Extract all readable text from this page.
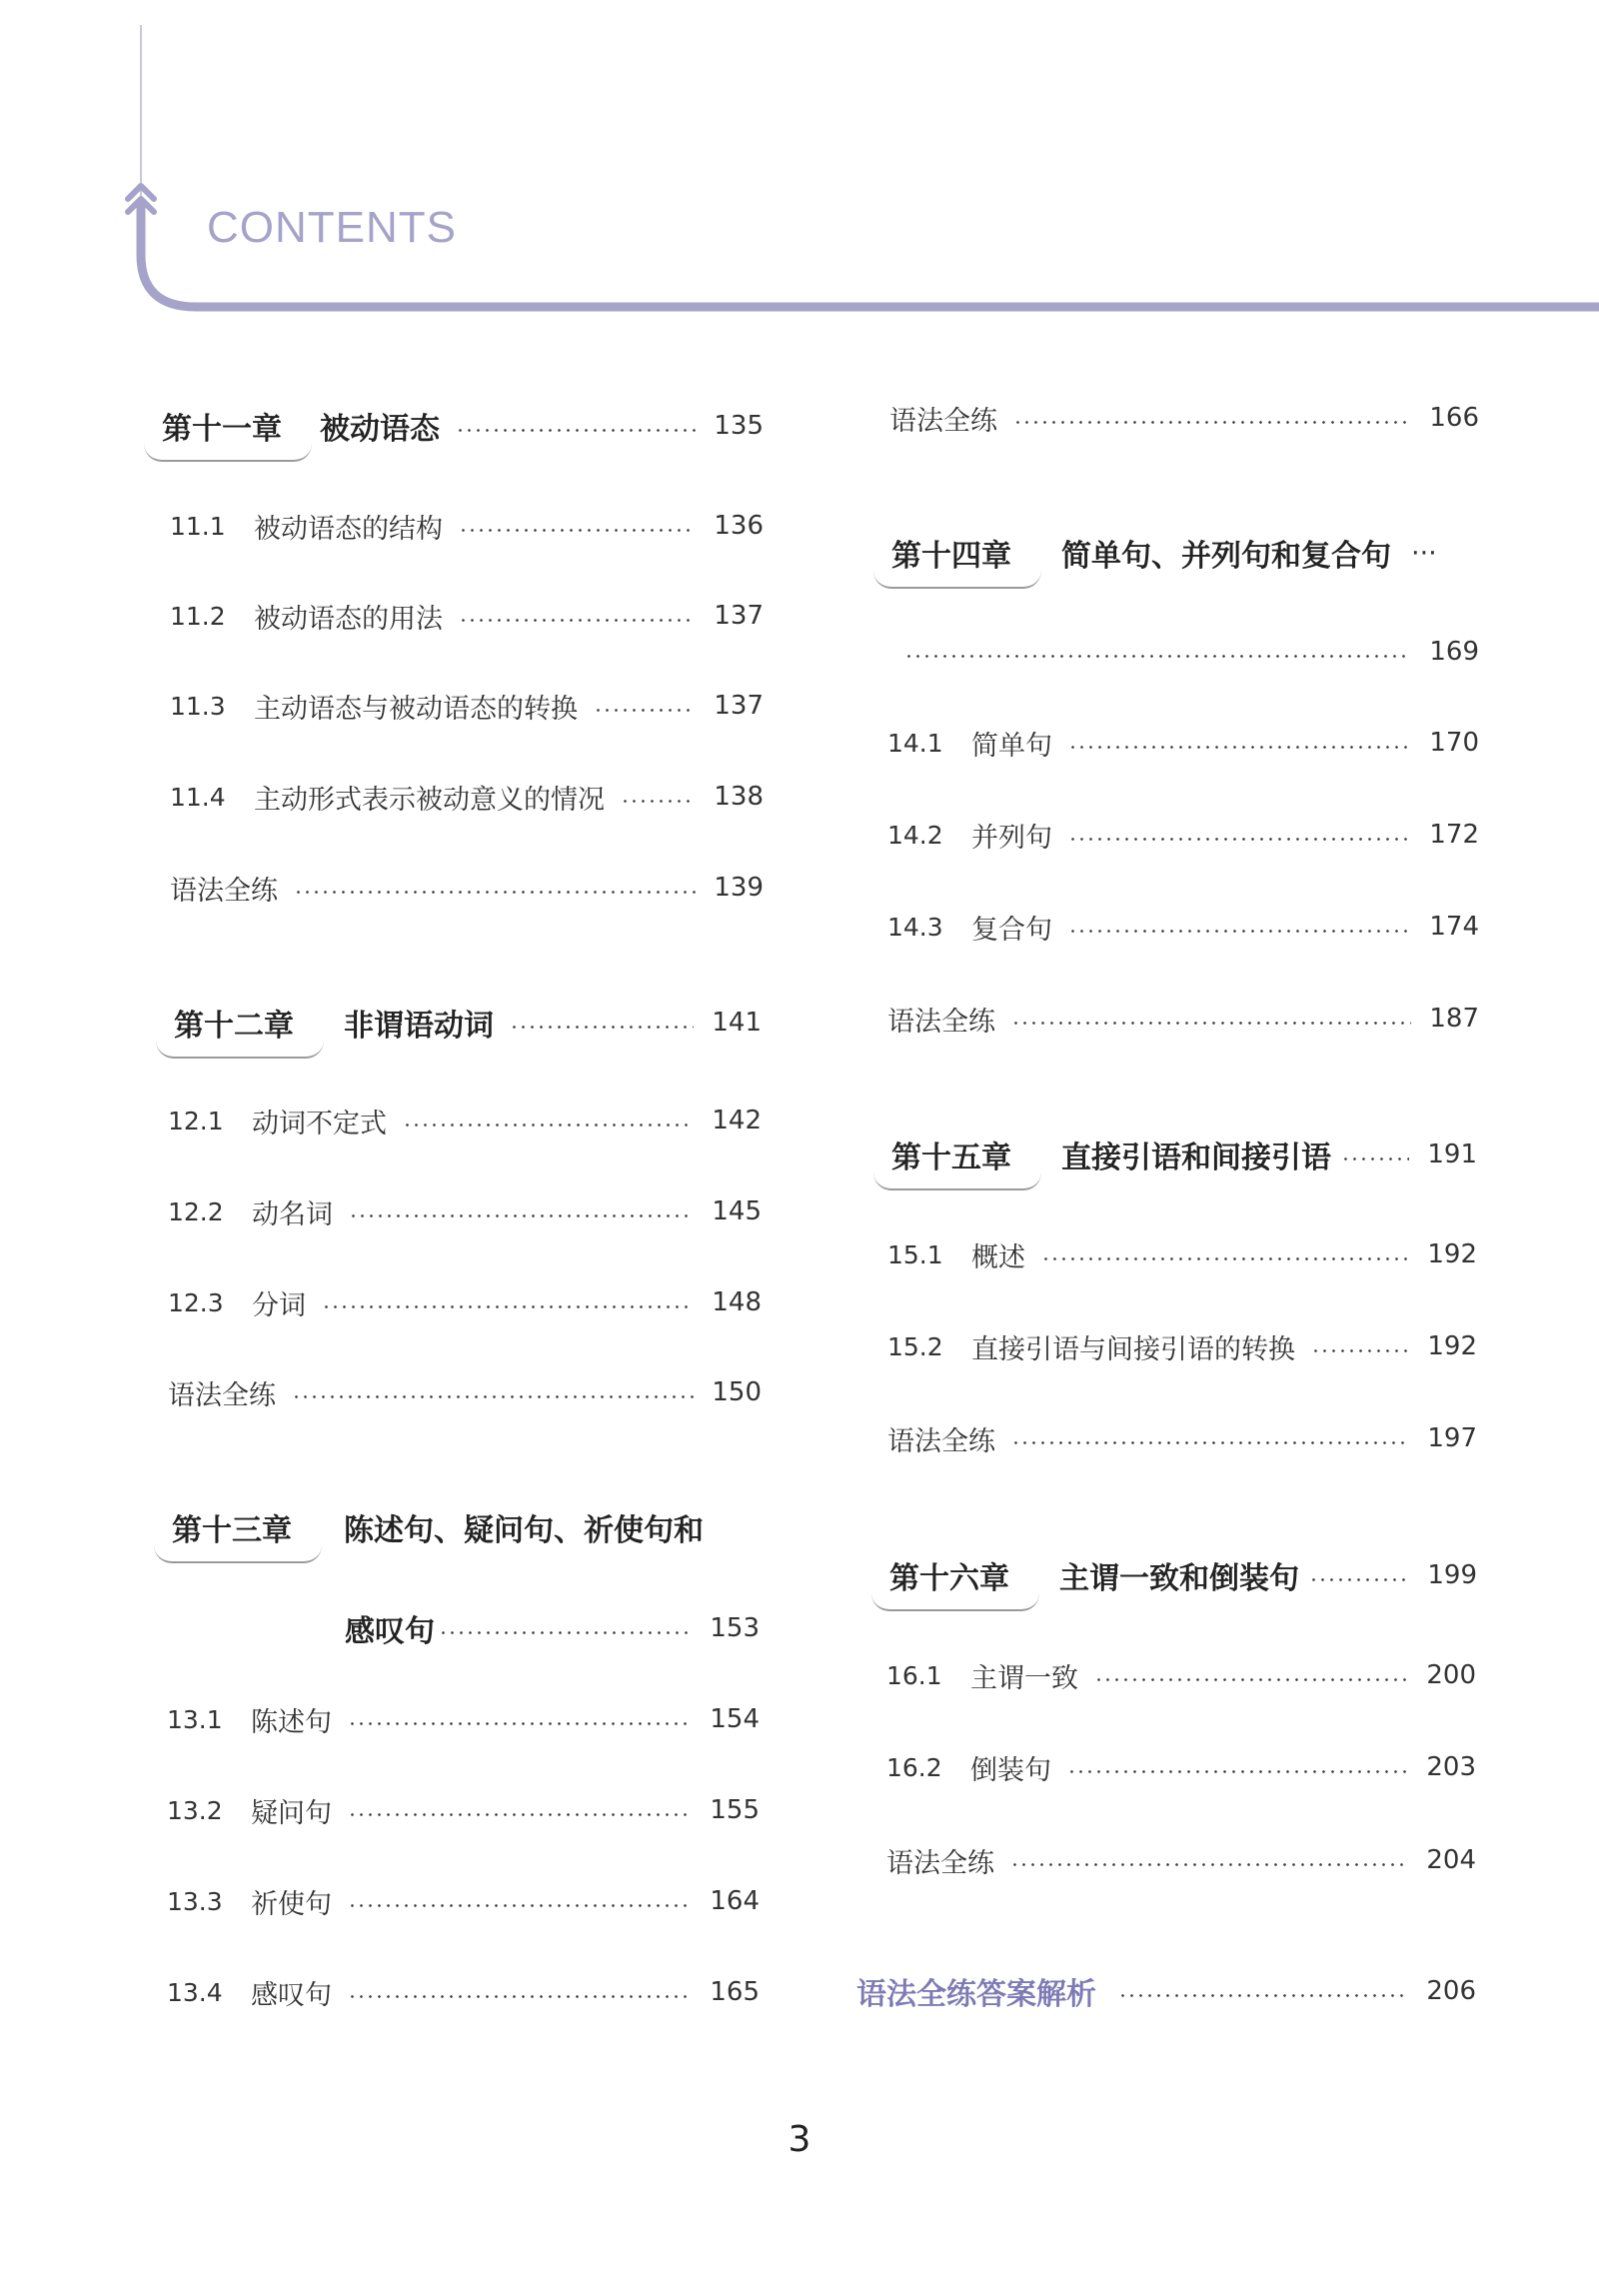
CONTENTS
第十一章 被动语态	135
11.1	被动语态的结构	136
11.2	被动语态的用法	137
11.3	主动语态与被动语态的转换	137
11.4	主动形式表示被动意义的情况	138
语法全练	139
第十二章 非谓语动词	141
12.1	动词不定式	142
12.2	动名词	145
12.3	分词	148
语法全练	150
第十三章 陈述句、疑问句、祈使句和
感叹句	153
13.1	陈述句	154
13.2	疑问句	155
13.3	祈使句	164
13.4	感叹句	165
语法全练	166
第十四章 简单句、并列句和复合句 ···
169
14.1	简单句	170
14.2	并列句	172
14.3	复合句	174
语法全练	187
第十五章 直接引语和间接引语	191
15.1	概述	192
15.2	直接引语与间接引语的转换	192
语法全练	197
第十六章 主谓一致和倒装句	199
16.1	主谓一致	200
16.2	倒装句	203
语法全练	204
语法全练答案解析	206
3
